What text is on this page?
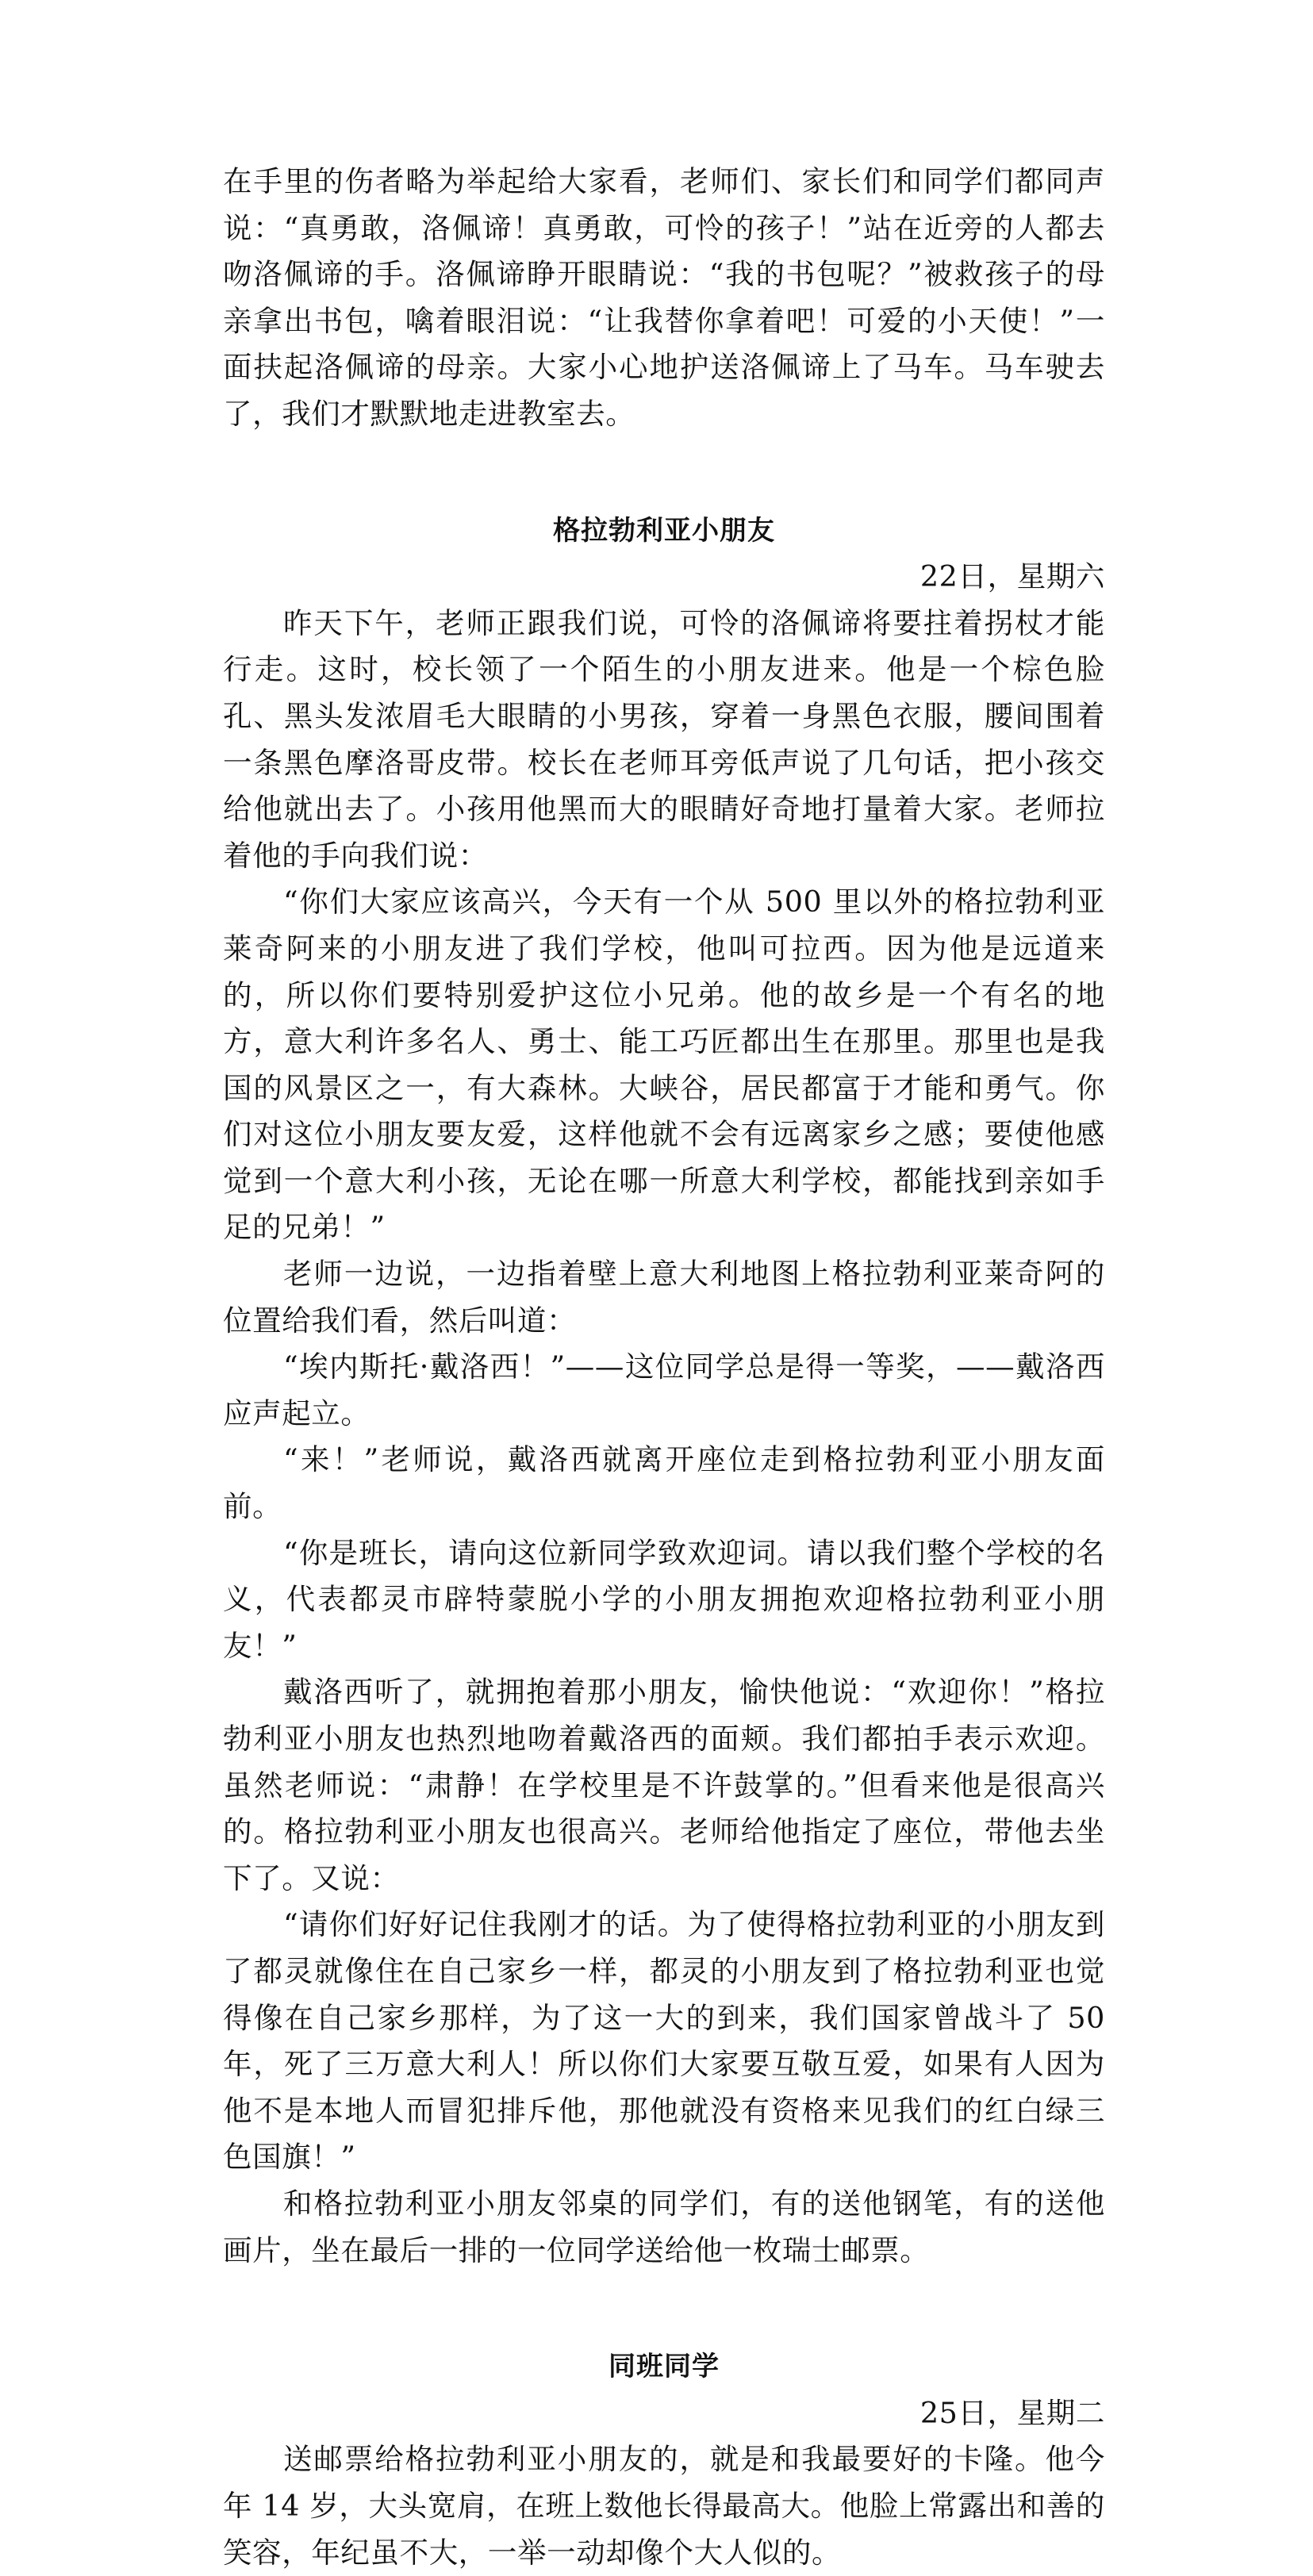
在手里的伤者略为举起给大家看，老师们、家长们和同学们都同声说：“真勇敢，洛佩谛！真勇敢，可怜的孩子！”站在近旁的人都去吻洛佩谛的手。洛佩谛睁开眼睛说：“我的书包呢？”被救孩子的母亲拿出书包，噙着眼泪说：“让我替你拿着吧！可爱的小天使！”一面扶起洛佩谛的母亲。大家小心地护送洛佩谛上了马车。马车驶去了，我们才默默地走进教室去。

格拉勃利亚小朋友

22日，星期六

昨天下午，老师正跟我们说，可怜的洛佩谛将要拄着拐杖才能行走。这时，校长领了一个陌生的小朋友进来。他是一个棕色脸孔、黑头发浓眉毛大眼睛的小男孩，穿着一身黑色衣服，腰间围着一条黑色摩洛哥皮带。校长在老师耳旁低声说了几句话，把小孩交给他就出去了。小孩用他黑而大的眼睛好奇地打量着大家。老师拉着他的手向我们说：

“你们大家应该高兴，今天有一个从 500 里以外的格拉勃利亚莱奇阿来的小朋友进了我们学校，他叫可拉西。因为他是远道来的，所以你们要特别爱护这位小兄弟。他的故乡是一个有名的地方，意大利许多名人、勇士、能工巧匠都出生在那里。那里也是我国的风景区之一，有大森林。大峡谷，居民都富于才能和勇气。你们对这位小朋友要友爱，这样他就不会有远离家乡之感；要使他感觉到一个意大利小孩，无论在哪一所意大利学校，都能找到亲如手足的兄弟！”

老师一边说，一边指着壁上意大利地图上格拉勃利亚莱奇阿的位置给我们看，然后叫道：

“埃内斯托·戴洛西！”——这位同学总是得一等奖，——戴洛西应声起立。

“来！”老师说，戴洛西就离开座位走到格拉勃利亚小朋友面前。

“你是班长，请向这位新同学致欢迎词。请以我们整个学校的名义，代表都灵市辟特蒙脱小学的小朋友拥抱欢迎格拉勃利亚小朋友！”

戴洛西听了，就拥抱着那小朋友，愉快他说：“欢迎你！”格拉勃利亚小朋友也热烈地吻着戴洛西的面颊。我们都拍手表示欢迎。虽然老师说：“肃静！在学校里是不许鼓掌的。”但看来他是很高兴的。格拉勃利亚小朋友也很高兴。老师给他指定了座位，带他去坐下了。又说：

“请你们好好记住我刚才的话。为了使得格拉勃利亚的小朋友到了都灵就像住在自己家乡一样，都灵的小朋友到了格拉勃利亚也觉得像在自己家乡那样，为了这一大的到来，我们国家曾战斗了 50 年，死了三万意大利人！所以你们大家要互敬互爱，如果有人因为他不是本地人而冒犯排斥他，那他就没有资格来见我们的红白绿三色国旗！”

和格拉勃利亚小朋友邻桌的同学们，有的送他钢笔，有的送他画片，坐在最后一排的一位同学送给他一枚瑞士邮票。

同班同学

25日，星期二

送邮票给格拉勃利亚小朋友的，就是和我最要好的卡隆。他今年 14 岁，大头宽肩，在班上数他长得最高大。他脸上常露出和善的笑容，年纪虽不大，一举一动却像个大人似的。
